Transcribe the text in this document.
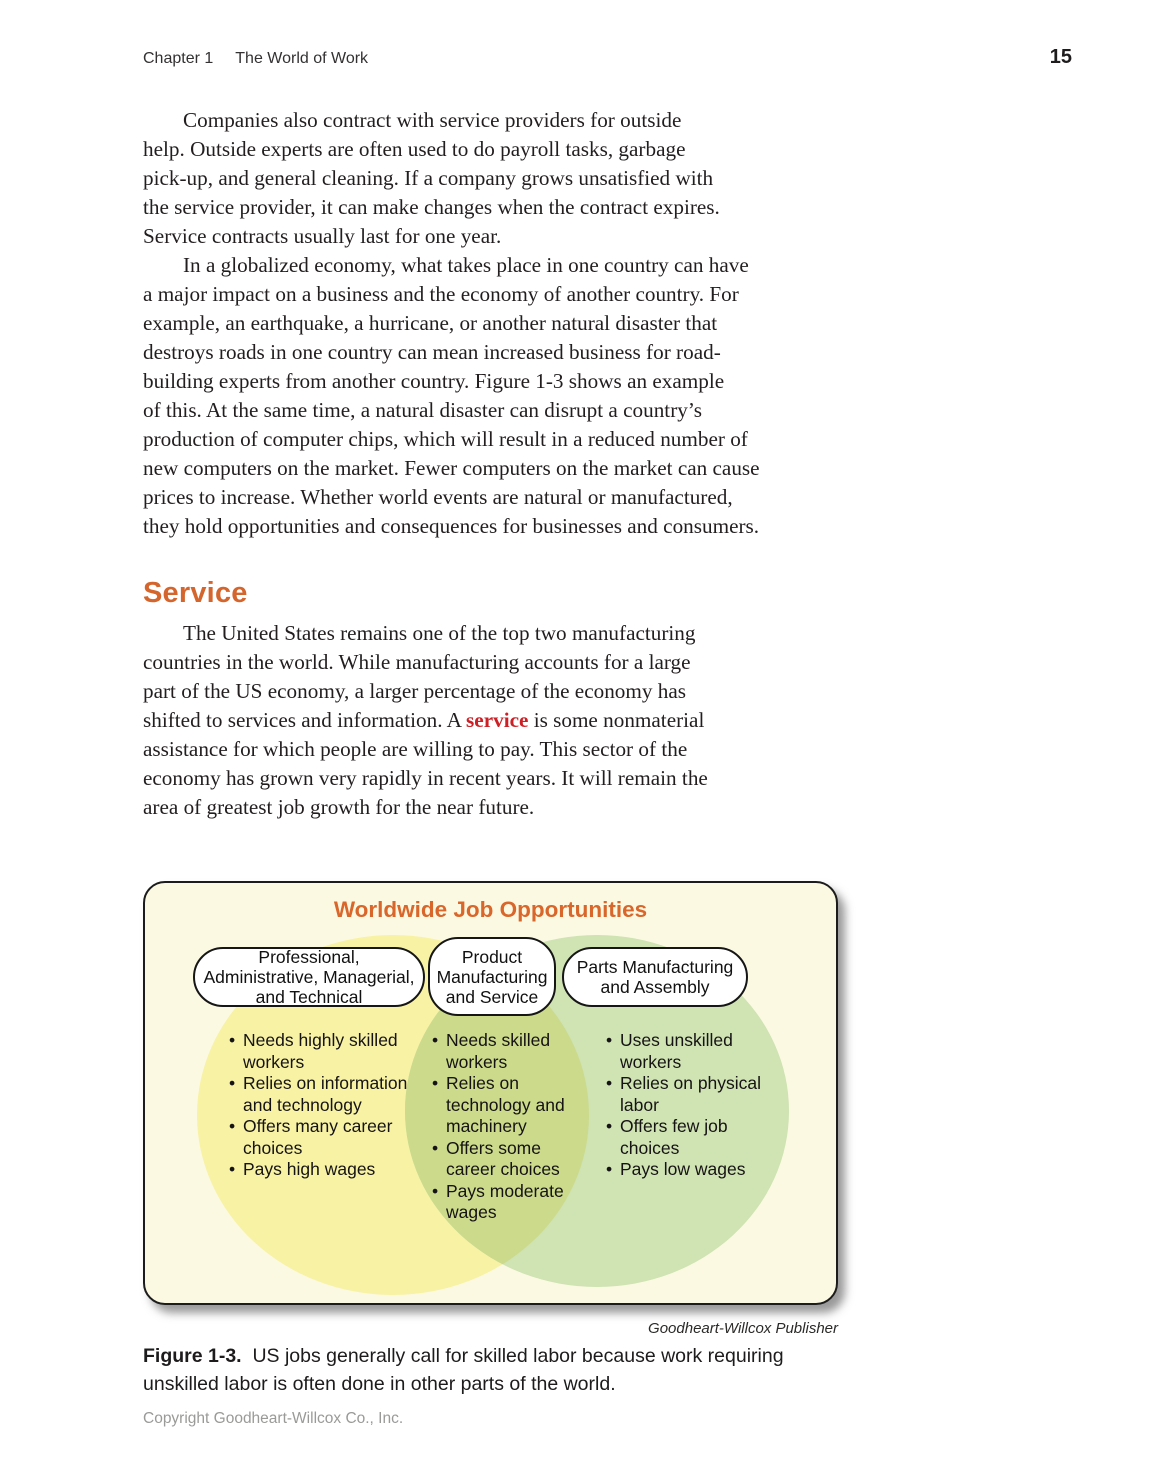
Chapter 1 The World of Work	15
Companies also contract with service providers for outside
help. Outside experts are often used to do payroll tasks, garbage
pick-up, and general cleaning. If a company grows unsatisfied with
the service provider, it can make changes when the contract expires.
Service contracts usually last for one year.
In a globalized economy, what takes place in one country can have
a major impact on a business and the economy of another country. For
example, an earthquake, a hurricane, or another natural disaster that
destroys roads in one country can mean increased business for road-
building experts from another country. Figure 1-3 shows an example
of this. At the same time, a natural disaster can disrupt a country’s
production of computer chips, which will result in a reduced number of
new computers on the market. Fewer computers on the market can cause
prices to increase. Whether world events are natural or manufactured,
they hold opportunities and consequences for businesses and consumers.
Service
The United States remains one of the top two manufacturing
countries in the world. While manufacturing accounts for a large
part of the US economy, a larger percentage of the economy has
shifted to services and information. A service is some nonmaterial
assistance for which people are willing to pay. This sector of the
economy has grown very rapidly in recent years. It will remain the
area of greatest job growth for the near future.
Worldwide Job Opportunities
Professional, Administrative, Managerial, and Technical
Product Manufacturing and Service
Parts Manufacturing and Assembly
• Needs highly skilled workers
• Relies on information and technology
• Offers many career choices
• Pays high wages
• Needs skilled workers
• Relies on technology and machinery
• Offers some career choices
• Pays moderate wages
• Uses unskilled workers
• Relies on physical labor
• Offers few job choices
• Pays low wages
Goodheart-Willcox Publisher
Figure 1-3. US jobs generally call for skilled labor because work requiring
unskilled labor is often done in other parts of the world.
Copyright Goodheart-Willcox Co., Inc.
